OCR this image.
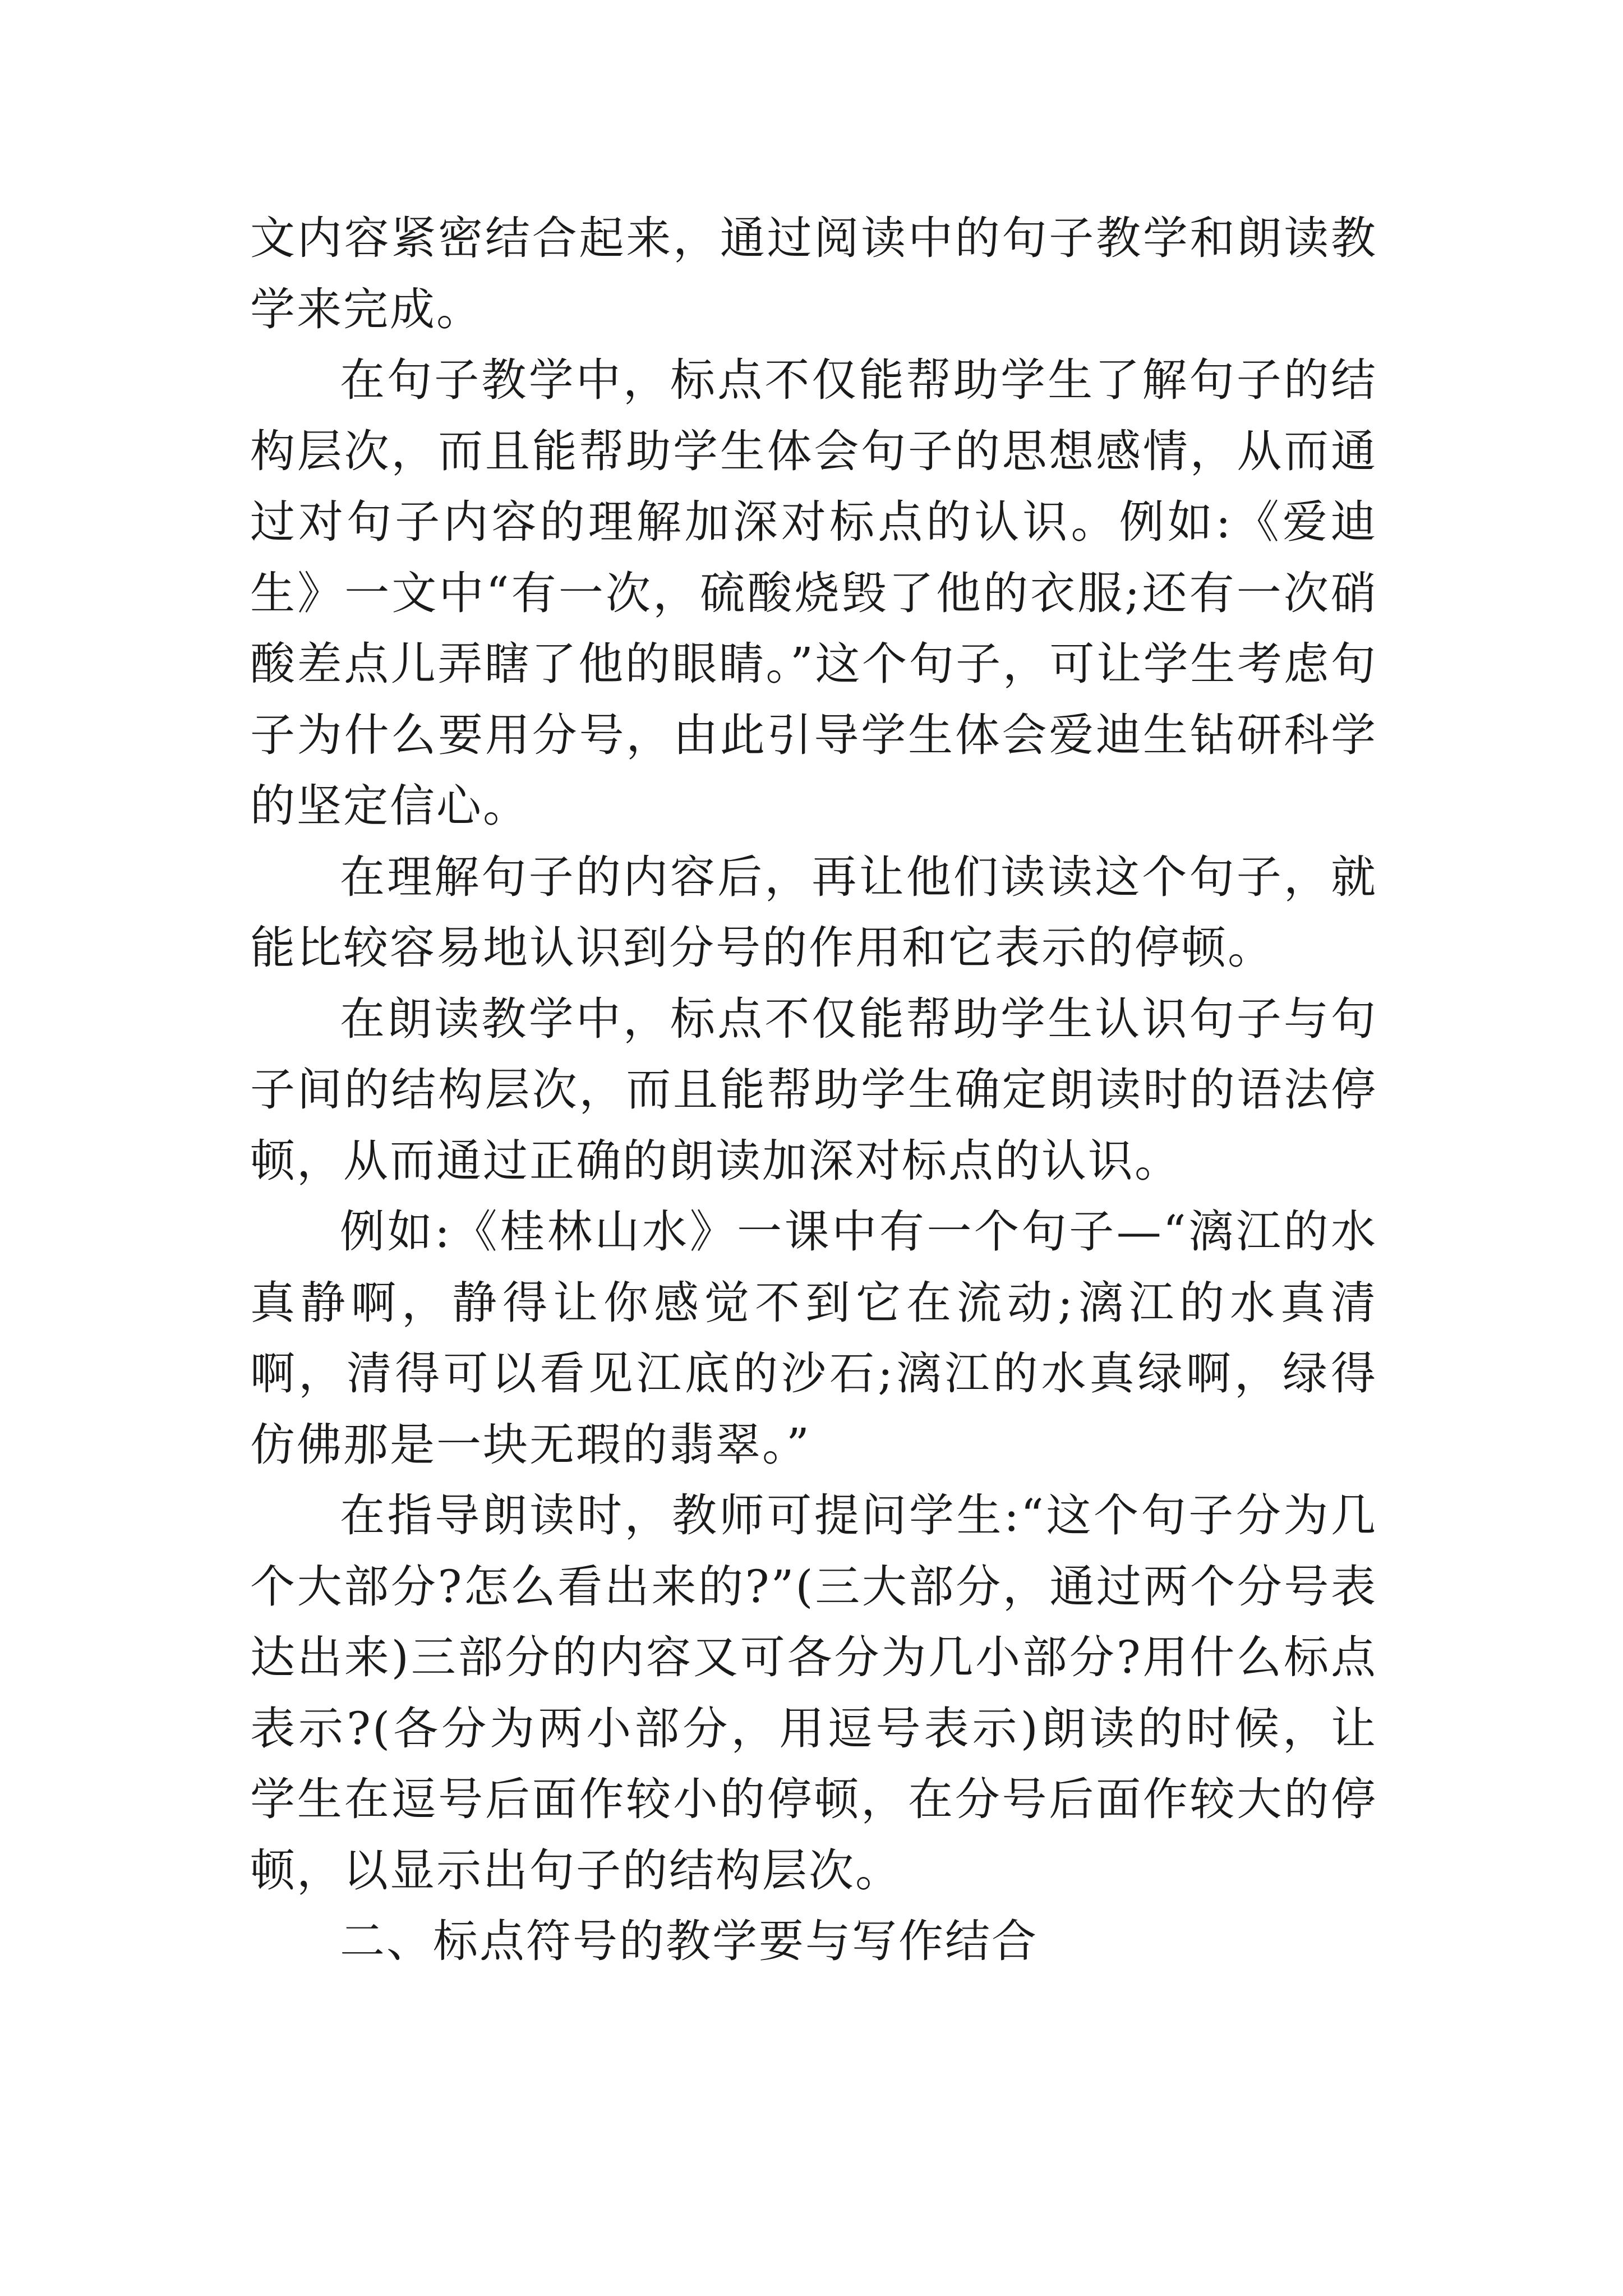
文内容紧密结合起来，通过阅读中的句子教学和朗读教学来完成。

在句子教学中，标点不仅能帮助学生了解句子的结构层次，而且能帮助学生体会句子的思想感情，从而通过对句子内容的理解加深对标点的认识。例如:《爱迪生》一文中“有一次，硫酸烧毁了他的衣服;还有一次硝酸差点儿弄瞎了他的眼睛。”这个句子，可让学生考虑句子为什么要用分号，由此引导学生体会爱迪生钻研科学的坚定信心。

在理解句子的内容后，再让他们读读这个句子，就能比较容易地认识到分号的作用和它表示的停顿。

在朗读教学中，标点不仅能帮助学生认识句子与句子间的结构层次，而且能帮助学生确定朗读时的语法停顿，从而通过正确的朗读加深对标点的认识。

例如:《桂林山水》一课中有一个句子—“漓江的水真静啊，静得让你感觉不到它在流动;漓江的水真清啊，清得可以看见江底的沙石;漓江的水真绿啊，绿得仿佛那是一块无瑕的翡翠。”

在指导朗读时，教师可提问学生:“这个句子分为几个大部分?怎么看出来的?”(三大部分，通过两个分号表达出来)三部分的内容又可各分为几小部分?用什么标点表示?(各分为两小部分，用逗号表示)朗读的时候，让学生在逗号后面作较小的停顿，在分号后面作较大的停顿，以显示出句子的结构层次。

二、标点符号的教学要与写作结合
